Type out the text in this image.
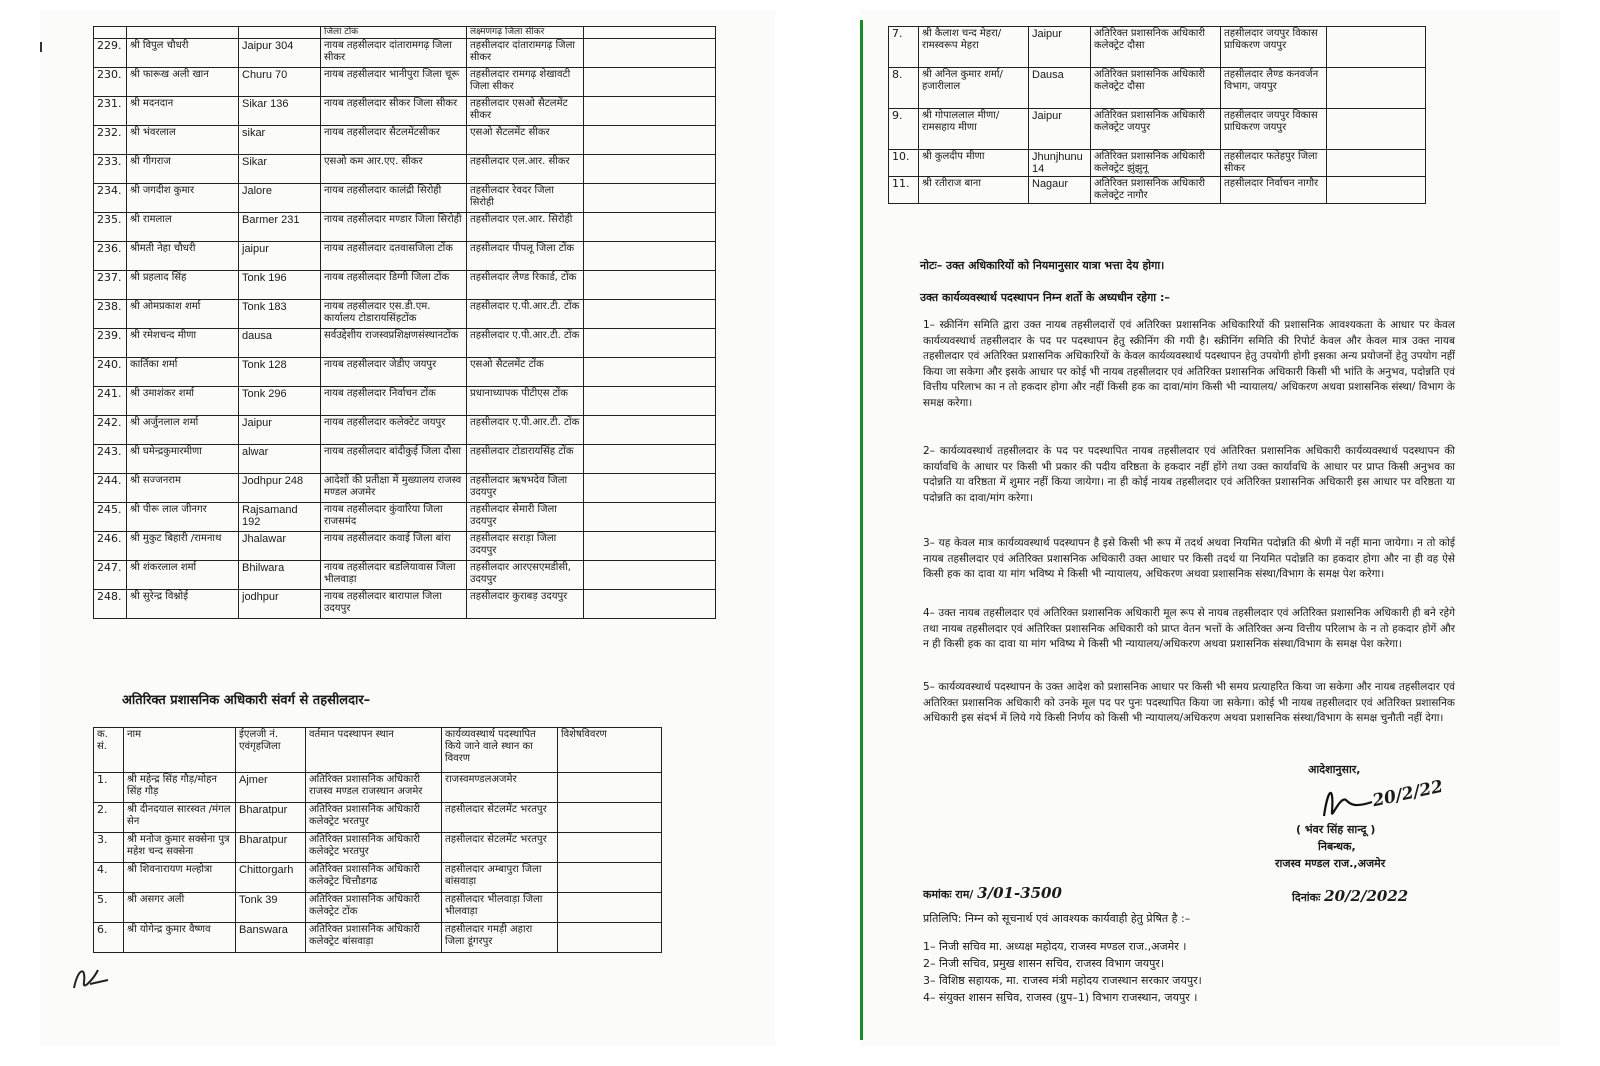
			जिला टोंक	लक्ष्मणगढ़ जिला सीकर	
229.	श्री विपुल चौधरी	Jaipur 304	नायब तहसीलदार दांतारामगढ़ जिला सीकर	तहसीलदार दांतारामगढ़ जिला सीकर	
230.	श्री फारूख अली खान	Churu 70	नायब तहसीलदार भानीपुरा जिला चूरू	तहसीलदार रामगढ़ शेखावटी जिला सीकर	
231.	श्री मदनदान	Sikar 136	नायब तहसीलदार सीकर जिला सीकर	तहसीलदार एसओ सैटलमेंट सीकर	
232.	श्री भंवरलाल	sikar	नायब तहसीलदार सैटलमेंटसीकर	एसओ सैटलमेंट सीकर	
233.	श्री गीगराज	Sikar	एसओ कम आर.एए. सीकर	तहसीलदार एल.आर. सीकर	
234.	श्री जगदीश कुमार	Jalore	नायब तहसीलदार कालंद्री सिरोही	तहसीलदार रेवदर जिला सिरोही	
235.	श्री रामलाल	Barmer 231	नायब तहसीलदार मण्डार जिला सिरोही	तहसीलदार एल.आर. सिरोही	
236.	श्रीमती नेहा चौधरी	jaipur	नायब तहसीलदार दतवासजिला टोंक	तहसीलदार पीपलू जिला टोंक	
237.	श्री प्रहलाद सिंह	Tonk 196	नायब तहसीलदार डिग्गी जिला टोंक	तहसीलदार लैण्ड रिकार्ड, टोंक	
238.	श्री ओमप्रकाश शर्मा	Tonk 183	नायब तहसीलदार एस.डी.एम. कार्यालय टोडारायसिंहटोंक	तहसीलदार ए.पी.आर.टी. टोंक	
239.	श्री रमेशचन्द मीणा	dausa	सर्वउद्देशीय राजस्वप्रशिक्षणसंस्थानटोंक	तहसीलदार ए.पी.आर.टी. टोंक	
240.	कार्तिका शर्मा	Tonk 128	नायब तहसीलदार जेडीए जयपुर	एसओ सैटलमेंट टोंक	
241.	श्री उमाशंकर शर्मा	Tonk 296	नायब तहसीलदार निर्वाचन टोंक	प्रधानाध्यापक पीटीएस टोंक	
242.	श्री अर्जुनलाल शर्मा	Jaipur	नायब तहसीलदार कलेक्टेट जयपुर	तहसीलदार ए.पी.आर.टी. टोंक	
243.	श्री घमेन्द्रकुमारमीणा	alwar	नायब तहसीलदार बांदीकुई जिला दौसा	तहसीलदार टोडारायसिंह टोंक	
244.	श्री सज्जनराम	Jodhpur 248	आदेशों की प्रतीक्षा में मुख्यालय राजस्व मण्डल अजमेर	तहसीलदार ऋषभदेव जिला उदयपुर	
245.	श्री पीरू लाल जीनगर	Rajsamand 192	नायब तहसीलदार कुंवारिया जिला राजसमंद	तहसीलदार सेमारी जिला उदयपुर	
246.	श्री मुकुट बिहारी /रामनाथ	Jhalawar	नायब तहसीलदार कवाई जिला बांरा	तहसीलदार सराड़ा जिला उदयपुर	
247.	श्री शंकरलाल शर्मा	Bhilwara	नायब तहसीलदार बडलियावास जिला भीलवाड़ा	तहसीलदार आरएसएमडीसी, उदयपुर	
248.	श्री सुरेन्द्र विश्नोई	jodhpur	नायब तहसीलदार बारापाल जिला उदयपुर	तहसीलदार कुराबड़ उदयपुर	
अतिरिक्त प्रशासनिक अधिकारी संवर्ग से तहसीलदार–
क. सं.	नाम	ईएलजी नं. एवंगृहजिला	वर्तमान पदस्थापन स्थान	कार्यव्यवस्थार्थ पदस्थापित किये जाने वाले स्थान का विवरण	विशेषविवरण
1.	श्री महेन्द्र सिंह गौड़/मोहन सिंह गौड़	Ajmer	अतिरिक्त प्रशासनिक अधिकारी राजस्व मण्डल राजस्थान अजमेर	राजस्वमण्डलअजमेर	
2.	श्री दीनदयाल सारस्वत /मंगल सेन	Bharatpur	अतिरिक्त प्रशासनिक अधिकारी कलेक्ट्रेट भरतपुर	तहसीलदार सेटलमेंट भरतपुर	
3.	श्री मनोज कुमार सक्सेना पुत्र महेश चन्द सक्सेना	Bharatpur	अतिरिक्त प्रशासनिक अधिकारी कलेक्ट्रेट भरतपुर	तहसीलदार सेटलमेंट भरतपुर	
4.	श्री शिवनारायण मल्होत्रा	Chittorgarh	अतिरिक्त प्रशासनिक अधिकारी कलेक्ट्रेट चित्तौडगढ	तहसीलदार अम्बापुरा जिला बांसवाड़ा	
5.	श्री असगर अली	Tonk 39	अतिरिक्त प्रशासनिक अधिकारी कलेक्ट्रेट टोंक	तहसीलदार भीलवाड़ा जिला भीलवाड़ा	
6.	श्री योगेन्द्र कुमार वैष्णव	Banswara	अतिरिक्त प्रशासनिक अधिकारी कलेक्ट्रेट बांसवाड़ा	तहसीलदार गमड़ी अहारा जिला डूंगरपुर	
7.	श्री कैलाश चन्द मेहरा/रामस्वरूप मेहरा	Jaipur	अतिरिक्त प्रशासनिक अधिकारी कलेक्ट्रेट दौसा	तहसीलदार जयपुर विकास प्राधिकरण जयपुर	
8.	श्री अनिल कुमार शर्मा/हजारीलाल	Dausa	अतिरिक्त प्रशासनिक अधिकारी कलेक्ट्रेट दौसा	तहसीलदार लैण्ड कनवर्जन विभाग, जयपुर	
9.	श्री गोपाललाल मीणा/रामसहाय मीणा	Jaipur	अतिरिक्त प्रशासनिक अधिकारी कलेक्ट्रेट जयपुर	तहसीलदार जयपुर विकास प्राधिकरण जयपुर	
10.	श्री कुलदीप मीणा	Jhunjhunu 14	अतिरिक्त प्रशासनिक अधिकारी कलेक्ट्रेट झुंझुनू	तहसीलदार फतेहपुर जिला सीकर	
11.	श्री रतीराज बाना	Nagaur	अतिरिक्त प्रशासनिक अधिकारी कलेक्ट्रेट नागौर	तहसीलदार निर्वाचन नागौर	

नोटः– उक्त अधिकारियों को नियमानुसार यात्रा भत्ता देय होगा।

उक्त कार्यव्यवस्थार्थ पदस्थापन निम्न शर्तो के अध्यधीन रहेगा :–

1– स्क्रीनिंग समिति द्वारा उक्त नायब तहसीलदारों एवं अतिरिक्त प्रशासनिक अधिकारियों की प्रशासनिक आवश्यकता के आधार पर केवल कार्यव्यवस्थार्थ तहसीलदार के पद पर पदस्थापन हेतु स्क्रीनिंग की गयी है। स्क्रीनिंग समिति की रिपोर्ट केवल और केवल मात्र उक्त नायब तहसीलदार एवं अतिरिक्त प्रशासनिक अधिकारियों के केवल कार्यव्यवस्थार्थ पदस्थापन हेतु उपयोगी होगी इसका अन्य प्रयोजनों हेतु उपयोग नहीं किया जा सकेगा और इसके आधार पर कोई भी नायब तहसीलदार एवं अतिरिक्त प्रशासनिक अधिकारी किसी भी भांति के अनुभव, पदोन्नति एवं वित्तीय परिलाभ का न तो हकदार होगा और नहीं किसी हक का दावा/मांग किसी भी न्यायालय/ अधिकरण अथवा प्रशासनिक संस्था/ विभाग के समक्ष करेगा।

2– कार्यव्यवस्थार्थ तहसीलदार के पद पर पदस्थापित नायब तहसीलदार एवं अतिरिक्त प्रशासनिक अधिकारी कार्यव्यवस्थार्थ पदस्थापन की कार्यावधि के आधार पर किसी भी प्रकार की पदीय वरिष्ठता के हकदार नहीं होंगे तथा उक्त कार्यावधि के आधार पर प्राप्त किसी अनुभव का पदोन्नति या वरिष्ठता में शुमार नहीं किया जायेगा। ना ही कोई नायब तहसीलदार एवं अतिरिक्त प्रशासनिक अधिकारी इस आधार पर वरिष्ठता या पदोन्नति का दावा/मांग करेगा।

3– यह केवल मात्र कार्यव्यवस्थार्थ पदस्थापन है इसे किसी भी रूप में तदर्थ अथवा नियमित पदोन्नति की श्रेणी में नहीं माना जायेगा। न तो कोई नायब तहसीलदार एवं अतिरिक्त प्रशासनिक अधिकारी उक्त आधार पर किसी तदर्थ या नियमित पदोन्नति का हकदार होगा और ना ही वह ऐसे किसी हक का दावा या मांग भविष्य मे किसी भी न्यायालय, अधिकरण अथवा प्रशासनिक संस्था/विभाग के समक्ष पेश करेगा।

4– उक्त नायब तहसीलदार एवं अतिरिक्त प्रशासनिक अधिकारी मूल रूप से नायब तहसीलदार एवं अतिरिक्त प्रशासनिक अधिकारी ही बने रहेगे तथा नायब तहसीलदार एवं अतिरिक्त प्रशासनिक अधिकारी को प्राप्त वेतन भत्तों के अतिरिक्त अन्य वित्तीय परिलाभ के न तो हकदार होगें और न ही किसी हक का दावा या मांग भविष्य मे किसी भी न्यायालय/अधिकरण अथवा प्रशासनिक संस्था/विभाग के समक्ष पेश करेगा।

5– कार्यव्यवस्थार्थ पदस्थापन के उक्त आदेश को प्रशासनिक आधार पर किसी भी समय प्रत्याहरित किया जा सकेगा और नायब तहसीलदार एवं अतिरिक्त प्रशासनिक अधिकारी को उनके मूल पद पर पुनः पदस्थापित किया जा सकेगा। कोई भी नायब तहसीलदार एवं अतिरिक्त प्रशासनिक अधिकारी इस संदर्भ में लिये गये किसी निर्णय को किसी भी न्यायालय/अधिकरण अथवा प्रशासनिक संस्था/विभाग के समक्ष चुनौती नहीं देगा।

आदेशानुसार,

20/2/22

( भंवर सिंह सान्दू )

निबन्धक,

राजस्व मण्डल राज.,अजमेर

कमांकः राम/ 3/01-3500	दिनांकः 20/2/2022

प्रतिलिपि: निम्न को सूचनार्थ एवं आवश्यक कार्यवाही हेतु प्रेषित है :–

1– निजी सचिव मा. अध्यक्ष महोदय, राजस्व मण्डल राज.,अजमेर ।

2– निजी सचिव, प्रमुख शासन सचिव, राजस्व विभाग जयपुर।

3– विशिष्ठ सहायक, मा. राजस्व मंत्री महोदय राजस्थान सरकार जयपुर।

4– संयुक्त शासन सचिव, राजस्व (ग्रुप–1) विभाग राजस्थान, जयपुर ।
